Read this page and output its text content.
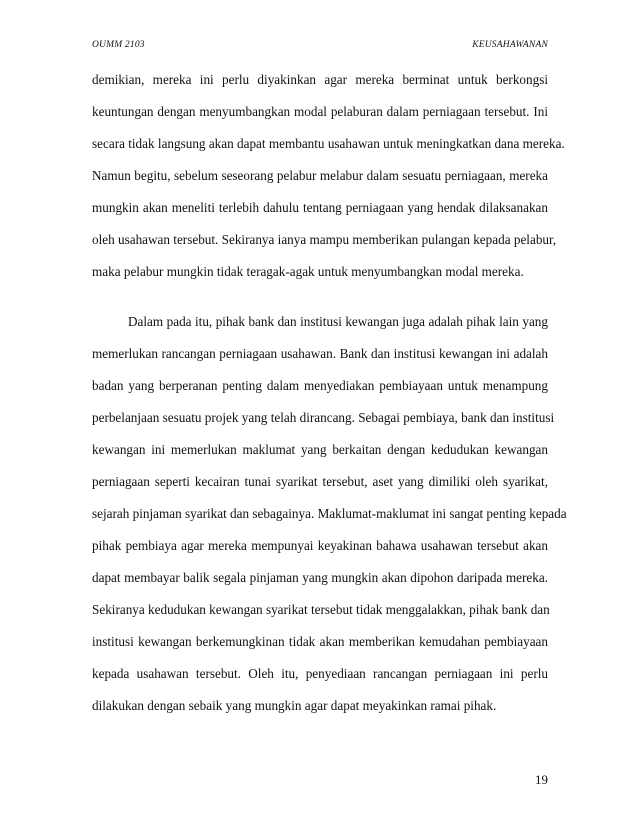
OUMM 2103	KEUSAHAWANAN
demikian, mereka ini perlu diyakinkan agar mereka berminat untuk berkongsi
keuntungan dengan menyumbangkan modal pelaburan dalam perniagaan tersebut. Ini
secara tidak langsung akan dapat membantu usahawan untuk meningkatkan dana mereka.
Namun begitu, sebelum seseorang pelabur melabur dalam sesuatu perniagaan, mereka
mungkin akan meneliti terlebih dahulu tentang perniagaan yang hendak dilaksanakan
oleh usahawan tersebut. Sekiranya ianya mampu memberikan pulangan kepada pelabur,
maka pelabur mungkin tidak teragak-agak untuk menyumbangkan modal mereka.
Dalam pada itu, pihak bank dan institusi kewangan juga adalah pihak lain yang
memerlukan rancangan perniagaan usahawan. Bank dan institusi kewangan ini adalah
badan yang berperanan penting dalam menyediakan pembiayaan untuk menampung
perbelanjaan sesuatu projek yang telah dirancang. Sebagai pembiaya, bank dan institusi
kewangan ini memerlukan maklumat yang berkaitan dengan kedudukan kewangan
perniagaan seperti kecairan tunai syarikat tersebut, aset yang dimiliki oleh syarikat,
sejarah pinjaman syarikat dan sebagainya. Maklumat-maklumat ini sangat penting kepada
pihak pembiaya agar mereka mempunyai keyakinan bahawa usahawan tersebut akan
dapat membayar balik segala pinjaman yang mungkin akan dipohon daripada mereka.
Sekiranya kedudukan kewangan syarikat tersebut tidak menggalakkan, pihak bank dan
institusi kewangan berkemungkinan tidak akan memberikan kemudahan pembiayaan
kepada usahawan tersebut. Oleh itu, penyediaan rancangan perniagaan ini perlu
dilakukan dengan sebaik yang mungkin agar dapat meyakinkan ramai pihak.
19
